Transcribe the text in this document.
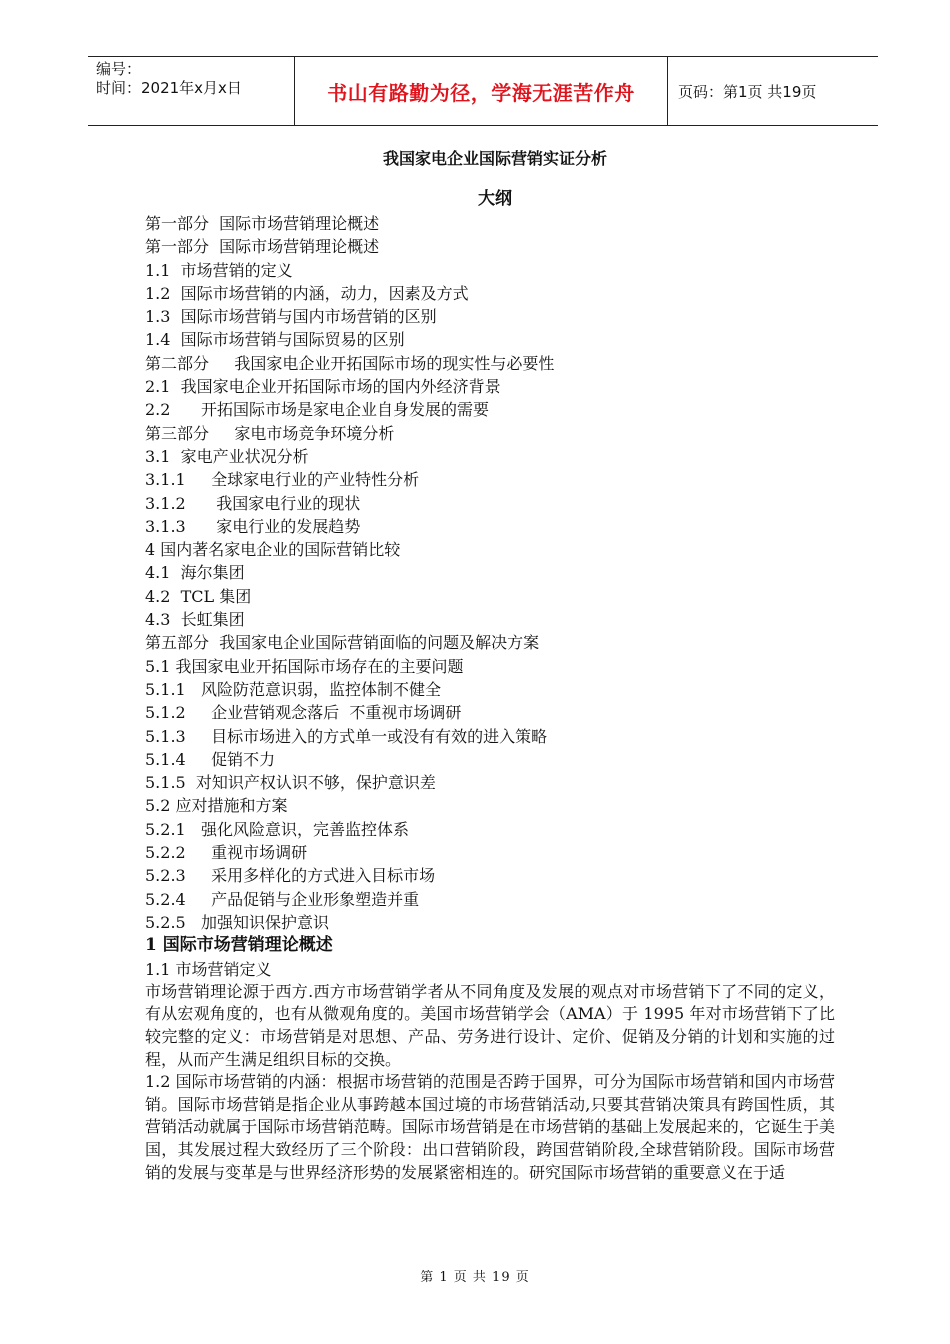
编号：
时间：2021年x月x日	书山有路勤为径，学海无涯苦作舟	页码：第1页 共19页
我国家电企业国际营销实证分析
大纲
第一部分  国际市场营销理论概述
第一部分  国际市场营销理论概述
1.1  市场营销的定义
1.2  国际市场营销的内涵，动力，因素及方式
1.3  国际市场营销与国内市场营销的区别
1.4  国际市场营销与国际贸易的区别
第二部分     我国家电企业开拓国际市场的现实性与必要性
2.1  我国家电企业开拓国际市场的国内外经济背景
2.2      开拓国际市场是家电企业自身发展的需要
第三部分     家电市场竞争环境分析
3.1  家电产业状况分析
3.1.1     全球家电行业的产业特性分析
3.1.2      我国家电行业的现状
3.1.3      家电行业的发展趋势
4 国内著名家电企业的国际营销比较
4.1  海尔集团
4.2  TCL 集团
4.3  长虹集团
第五部分  我国家电企业国际营销面临的问题及解决方案
5.1 我国家电业开拓国际市场存在的主要问题
5.1.1   风险防范意识弱，监控体制不健全
5.1.2     企业营销观念落后  不重视市场调研
5.1.3     目标市场进入的方式单一或没有有效的进入策略
5.1.4     促销不力
5.1.5  对知识产权认识不够，保护意识差
5.2 应对措施和方案
5.2.1   强化风险意识，完善监控体系
5.2.2     重视市场调研
5.2.3     采用多样化的方式进入目标市场
5.2.4     产品促销与企业形象塑造并重
5.2.5   加强知识保护意识
1 国际市场营销理论概述
1.1 市场营销定义
市场营销理论源于西方.西方市场营销学者从不同角度及发展的观点对市场营销下了不同的定义，有从宏观角度的，也有从微观角度的。美国市场营销学会（AMA）于 1995 年对市场营销下了比较完整的定义：市场营销是对思想、产品、劳务进行设计、定价、促销及分销的计划和实施的过程，从而产生满足组织目标的交换。
1.2 国际市场营销的内涵：根据市场营销的范围是否跨于国界，可分为国际市场营销和国内市场营销。国际市场营销是指企业从事跨越本国过境的市场营销活动,只要其营销决策具有跨国性质，其营销活动就属于国际市场营销范畴。国际市场营销是在市场营销的基础上发展起来的，它诞生于美国，其发展过程大致经历了三个阶段：出口营销阶段，跨国营销阶段,全球营销阶段。国际市场营销的发展与变革是与世界经济形势的发展紧密相连的。研究国际市场营销的重要意义在于适
第 1 页 共 19 页
